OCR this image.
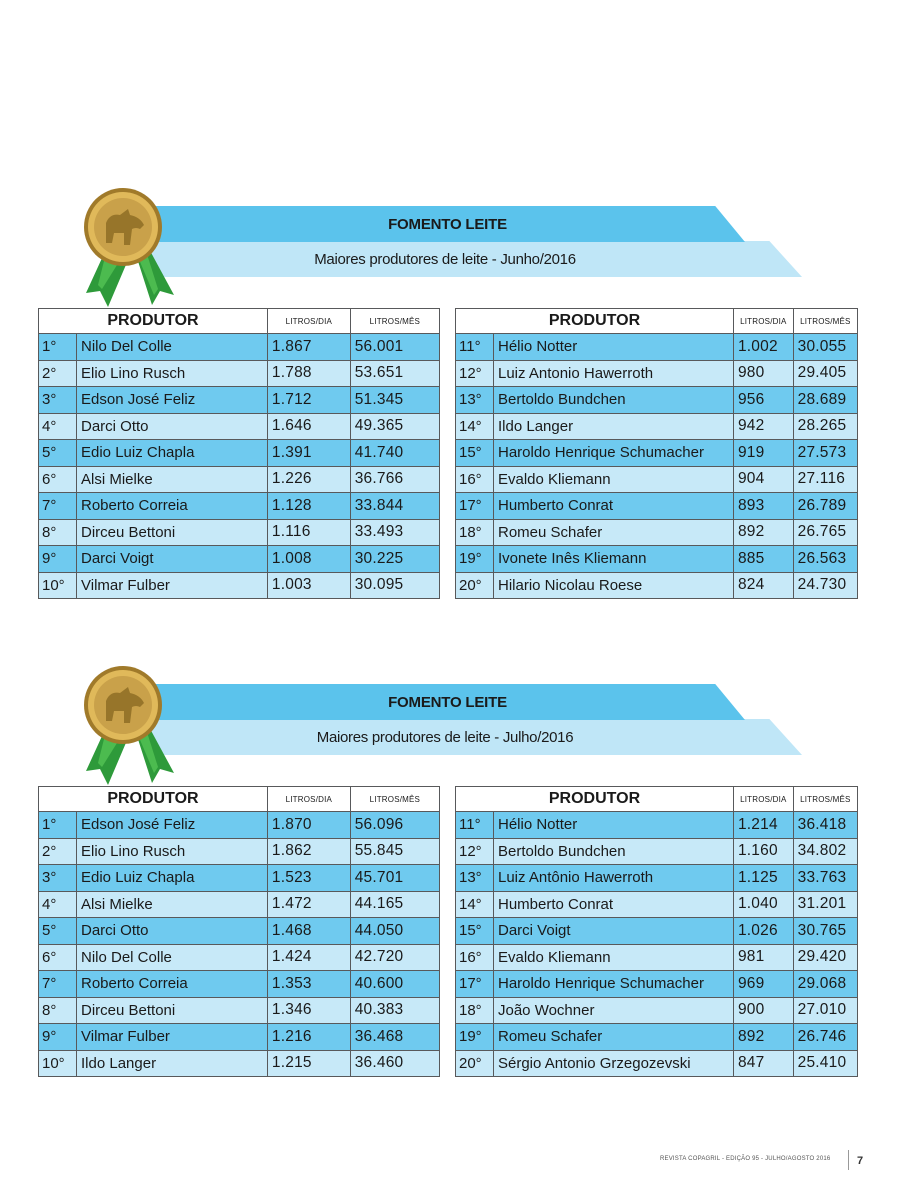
Maiores produtores de leite - Junho/2016
FOMENTO LEITE
PRODUTOR		LITROS/DIA	LITROS/MÊS
1°	Nilo Del Colle	1.867	56.001
2°	Elio Lino Rusch	1.788	53.651
3°	Edson José Feliz	1.712	51.345
4°	Darci Otto	1.646	49.365
5°	Edio Luiz Chapla	1.391	41.740
6°	Alsi Mielke	1.226	36.766
7°	Roberto Correia	1.128	33.844
8°	Dirceu Bettoni	1.116	33.493
9°	Darci Voigt	1.008	30.225
10°	Vilmar Fulber	1.003	30.095
PRODUTOR		LITROS/DIA	LITROS/MÊS
11°	Hélio Notter	1.002	30.055
12°	Luiz Antonio Hawerroth	980	29.405
13°	Bertoldo Bundchen	956	28.689
14°	Ildo Langer	942	28.265
15°	Haroldo Henrique Schumacher	919	27.573
16°	Evaldo Kliemann	904	27.116
17°	Humberto Conrat	893	26.789
18°	Romeu Schafer	892	26.765
19°	Ivonete Inês Kliemann	885	26.563
20°	Hilario Nicolau Roese	824	24.730
Maiores produtores de leite - Julho/2016
FOMENTO LEITE
PRODUTOR		LITROS/DIA	LITROS/MÊS
1°	Edson José Feliz	1.870	56.096
2°	Elio Lino Rusch	1.862	55.845
3°	Edio Luiz Chapla	1.523	45.701
4°	Alsi Mielke	1.472	44.165
5°	Darci Otto	1.468	44.050
6°	Nilo Del Colle	1.424	42.720
7°	Roberto Correia	1.353	40.600
8°	Dirceu Bettoni	1.346	40.383
9°	Vilmar Fulber	1.216	36.468
10°	Ildo Langer	1.215	36.460
PRODUTOR		LITROS/DIA	LITROS/MÊS
11°	Hélio Notter	1.214	36.418
12°	Bertoldo Bundchen	1.160	34.802
13°	Luiz Antônio Hawerroth	1.125	33.763
14°	Humberto Conrat	1.040	31.201
15°	Darci Voigt	1.026	30.765
16°	Evaldo Kliemann	981	29.420
17°	Haroldo Henrique Schumacher	969	29.068
18°	João Wochner	900	27.010
19°	Romeu Schafer	892	26.746
20°	Sérgio Antonio Grzegozevski	847	25.410
REVISTA COPAGRIL - EDIÇÃO 95 - JULHO/AGOSTO 2016 7
